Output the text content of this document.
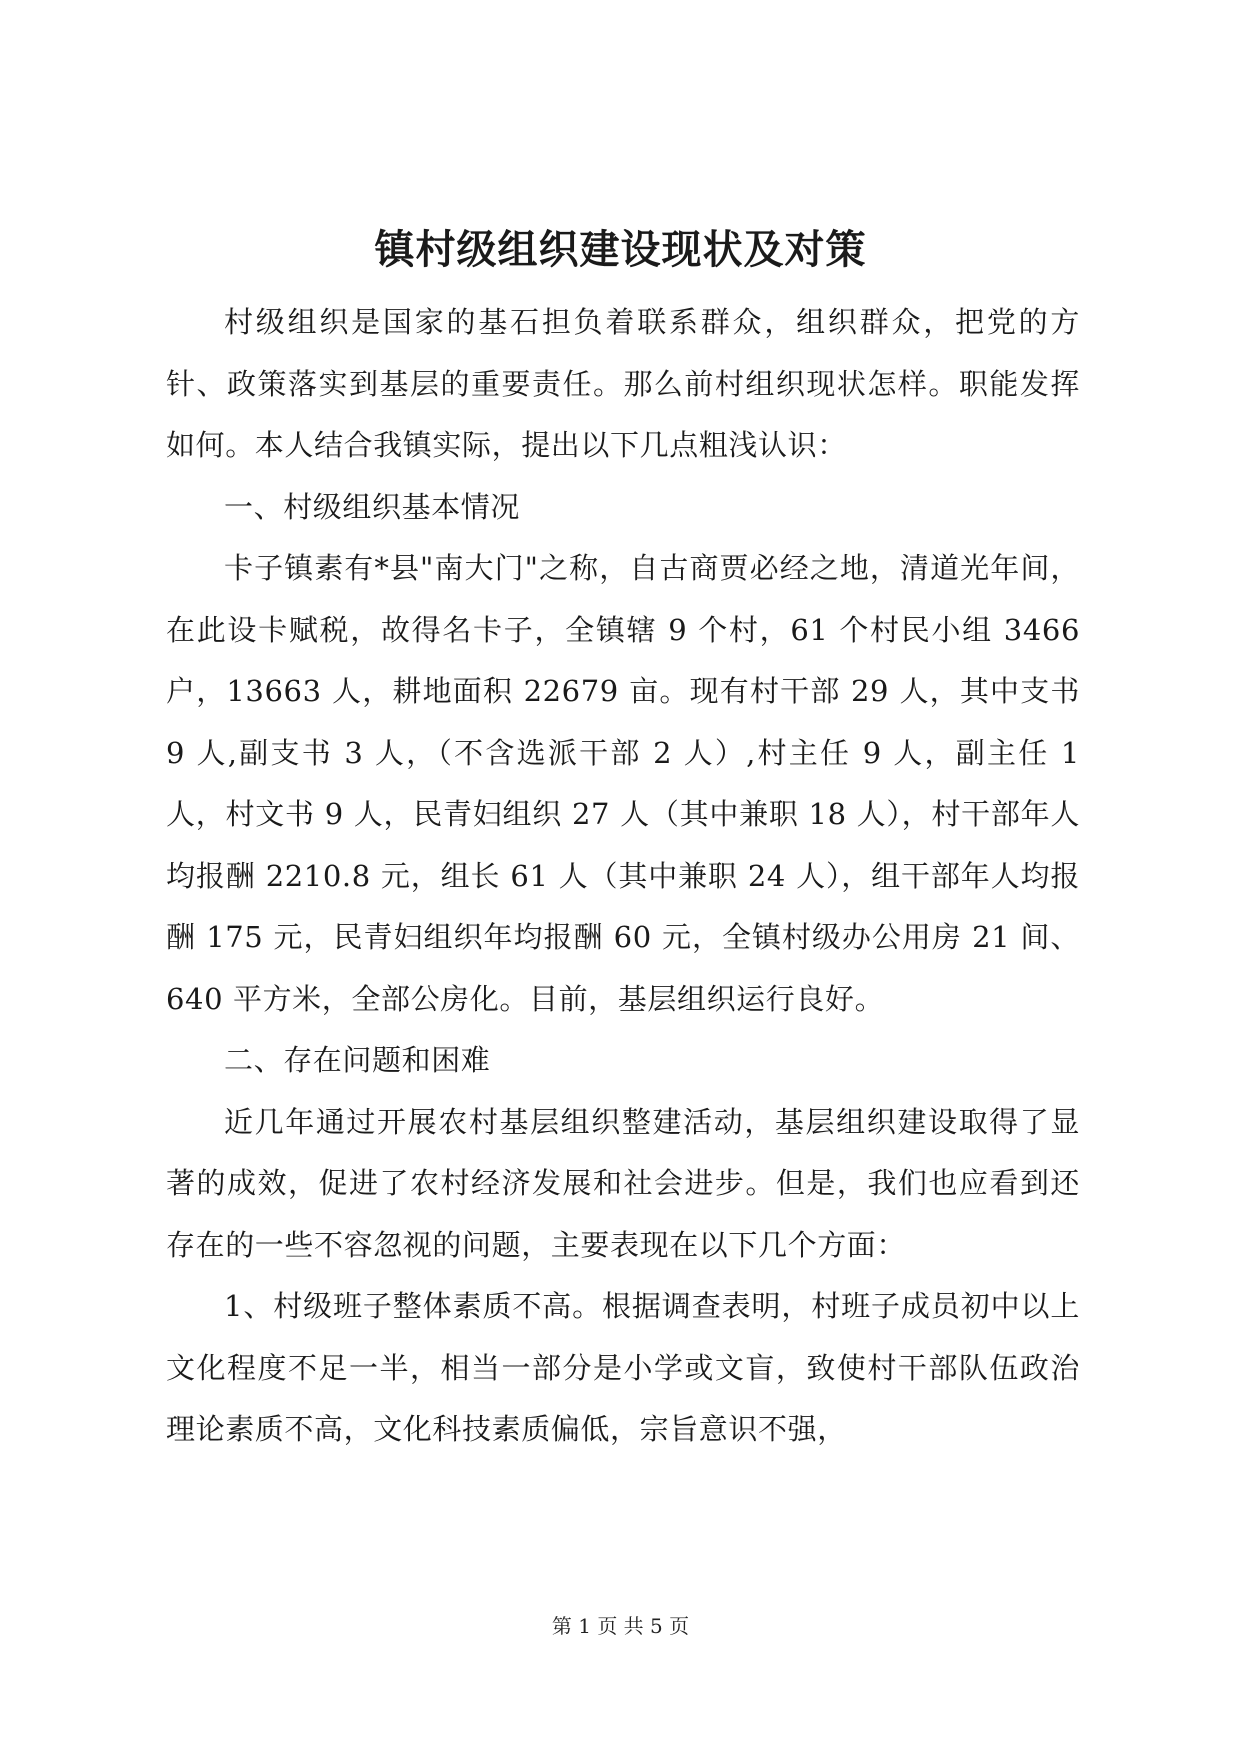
镇村级组织建设现状及对策

村级组织是国家的基石担负着联系群众，组织群众，把党的方针、政策落实到基层的重要责任。那么前村组织现状怎样。职能发挥如何。本人结合我镇实际，提出以下几点粗浅认识：

一、村级组织基本情况

卡子镇素有*县"南大门"之称，自古商贾必经之地，清道光年间，在此设卡赋税，故得名卡子，全镇辖 9 个村，61 个村民小组 3466 户，13663 人，耕地面积 22679 亩。现有村干部 29 人，其中支书 9 人,副支书 3 人，（不含选派干部 2 人）,村主任 9 人，副主任 1 人，村文书 9 人，民青妇组织 27 人（其中兼职 18 人），村干部年人均报酬 2210.8 元，组长 61 人（其中兼职 24 人），组干部年人均报酬 175 元，民青妇组织年均报酬 60 元，全镇村级办公用房 21 间、640 平方米，全部公房化。目前，基层组织运行良好。

二、存在问题和困难

近几年通过开展农村基层组织整建活动，基层组织建设取得了显著的成效，促进了农村经济发展和社会进步。但是，我们也应看到还存在的一些不容忽视的问题，主要表现在以下几个方面：

1、村级班子整体素质不高。根据调查表明，村班子成员初中以上文化程度不足一半，相当一部分是小学或文盲，致使村干部队伍政治理论素质不高，文化科技素质偏低，宗旨意识不强，

第 1 页 共 5 页
